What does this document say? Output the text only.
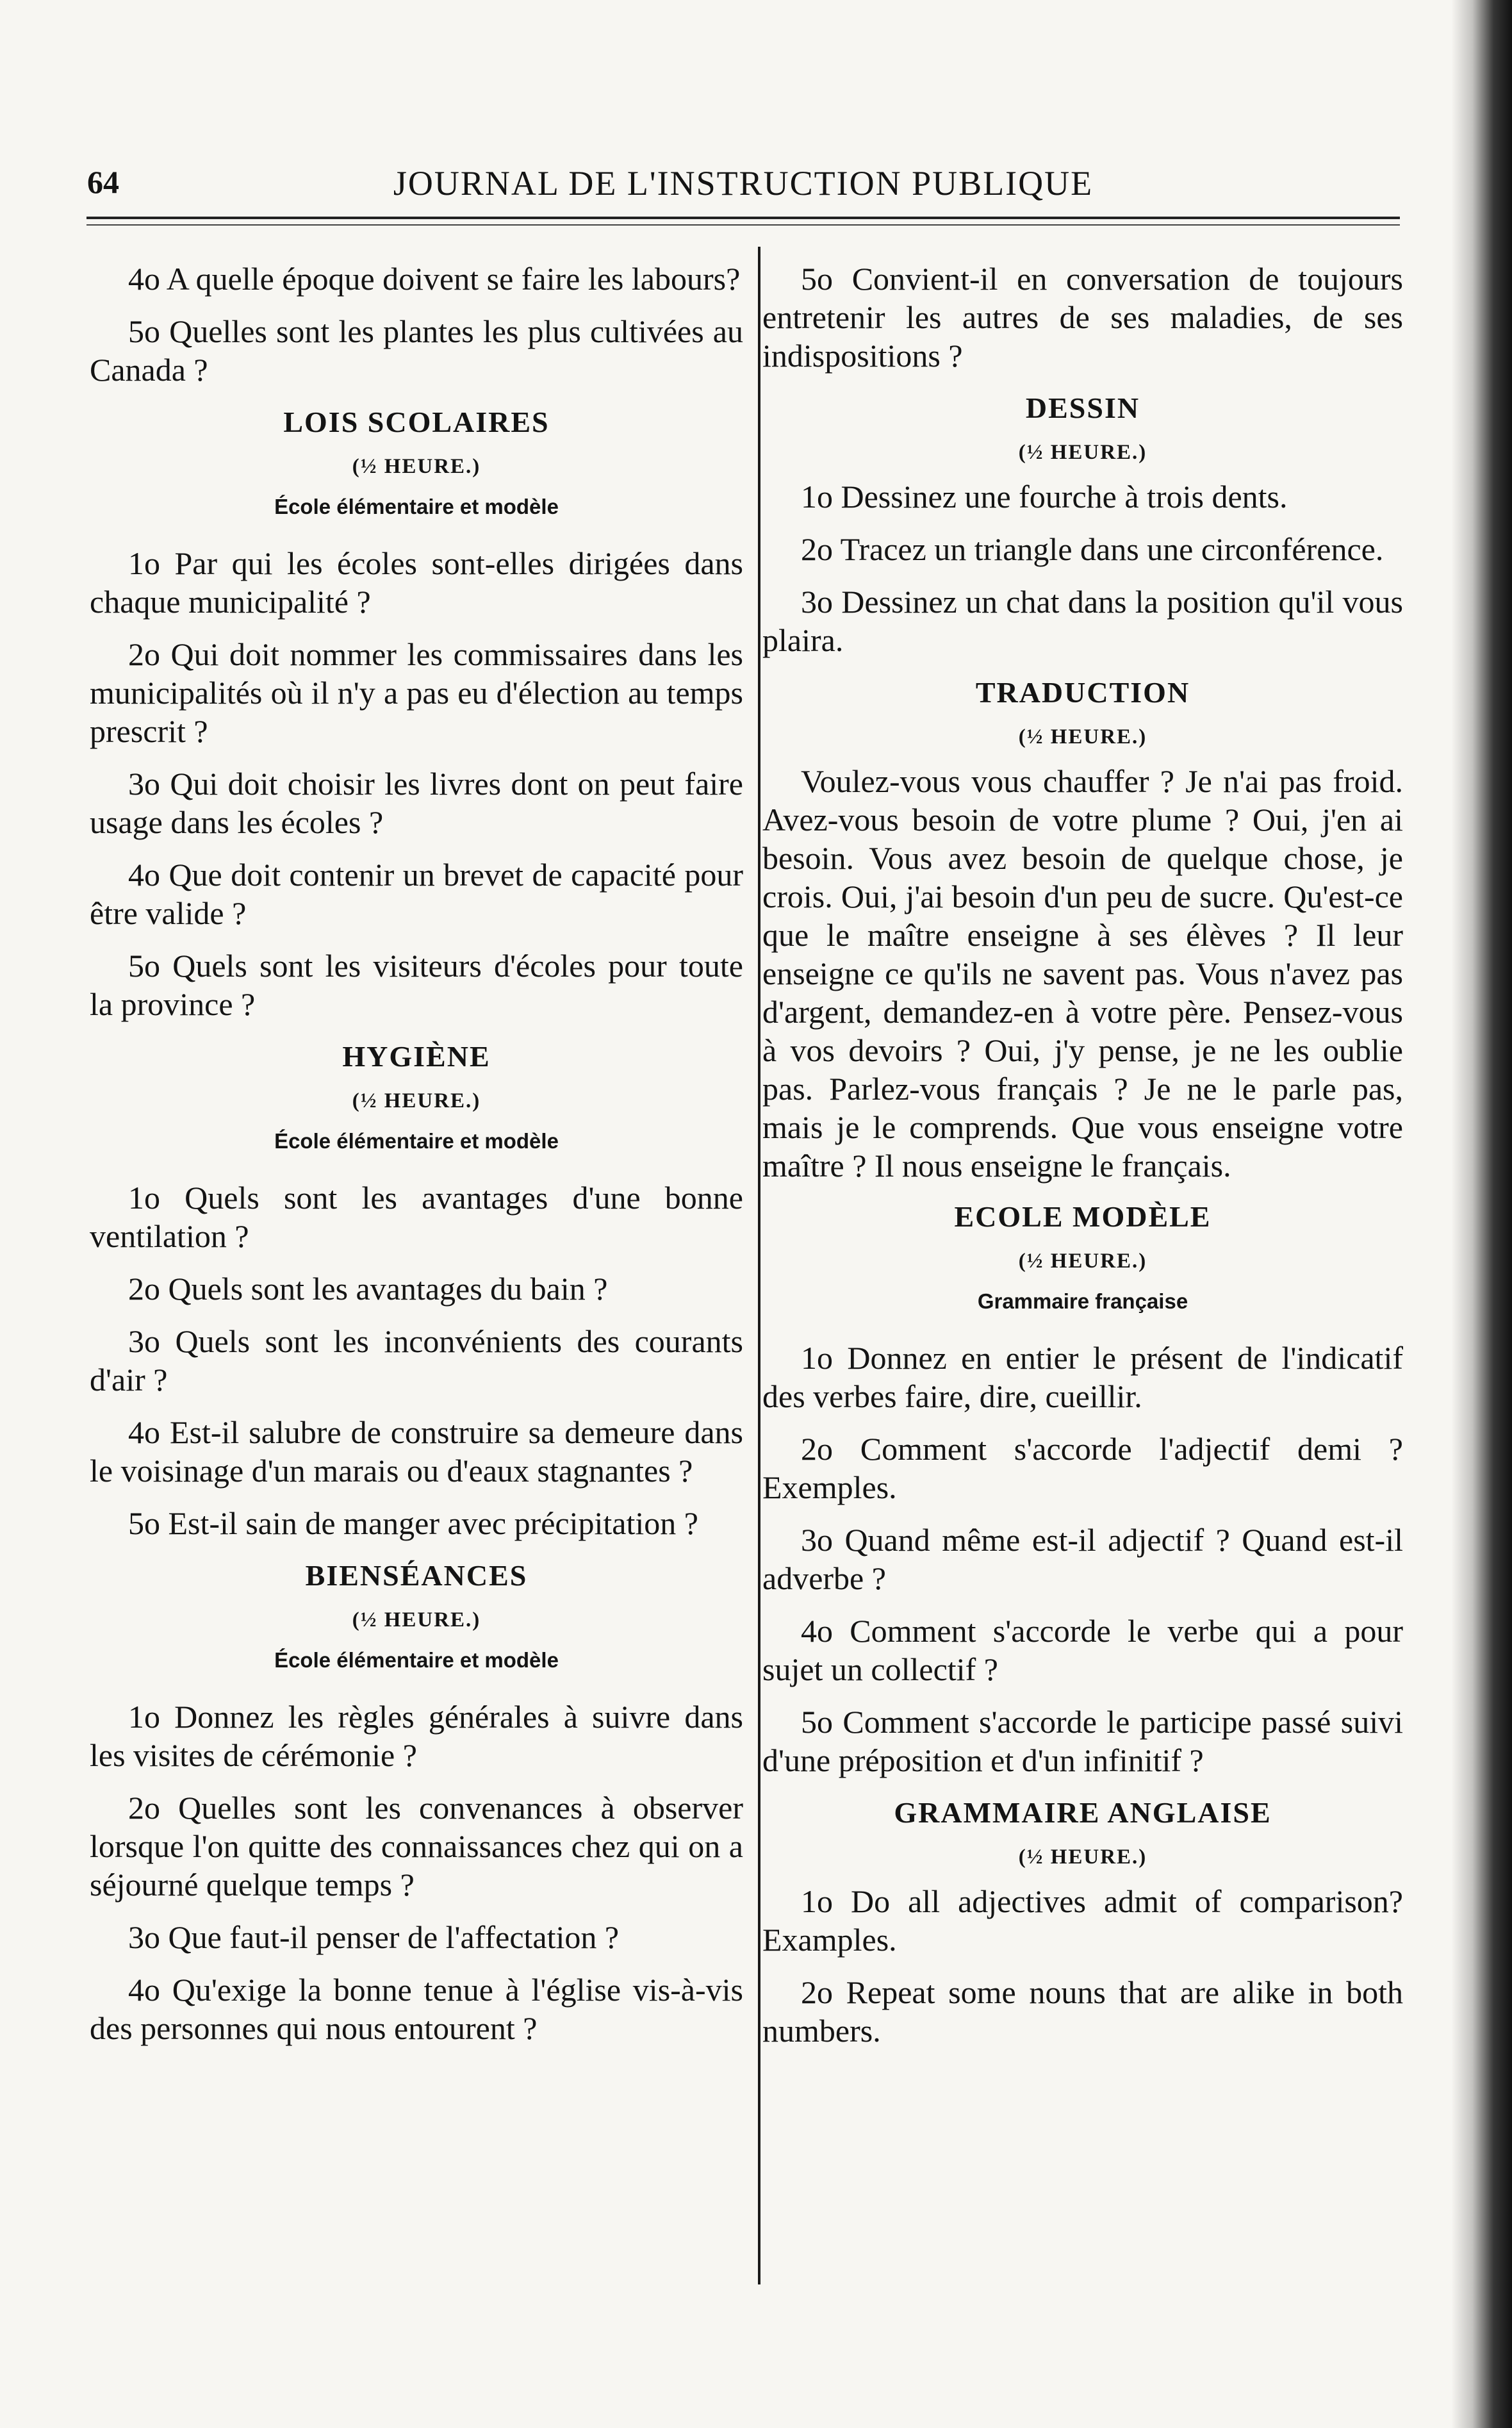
64	JOURNAL DE L'INSTRUCTION PUBLIQUE

4o A quelle époque doivent se faire les labours?

5o Quelles sont les plantes les plus cultivées au Canada ?

LOIS SCOLAIRES
(½ HEURE.)
École élémentaire et modèle

1o Par qui les écoles sont-elles dirigées dans chaque municipalité ?

2o Qui doit nommer les commissaires dans les municipalités où il n'y a pas eu d'élection au temps prescrit ?

3o Qui doit choisir les livres dont on peut faire usage dans les écoles ?

4o Que doit contenir un brevet de capacité pour être valide ?

5o Quels sont les visiteurs d'écoles pour toute la province ?

HYGIÈNE
(½ HEURE.)
École élémentaire et modèle

1o Quels sont les avantages d'une bonne ventilation ?

2o Quels sont les avantages du bain ?

3o Quels sont les inconvénients des courants d'air ?

4o Est-il salubre de construire sa demeure dans le voisinage d'un marais ou d'eaux stagnantes ?

5o Est-il sain de manger avec précipitation ?

BIENSÉANCES
(½ HEURE.)
École élémentaire et modèle

1o Donnez les règles générales à suivre dans les visites de cérémonie ?

2o Quelles sont les convenances à observer lorsque l'on quitte des connaissances chez qui on a séjourné quelque temps ?

3o Que faut-il penser de l'affectation ?

4o Qu'exige la bonne tenue à l'église vis-à-vis des personnes qui nous entourent ?

5o Convient-il en conversation de toujours entretenir les autres de ses maladies, de ses indispositions ?

DESSIN
(½ HEURE.)

1o Dessinez une fourche à trois dents.

2o Tracez un triangle dans une circonférence.

3o Dessinez un chat dans la position qu'il vous plaira.

TRADUCTION
(½ HEURE.)

Voulez-vous vous chauffer ? Je n'ai pas froid. Avez-vous besoin de votre plume ? Oui, j'en ai besoin. Vous avez besoin de quelque chose, je crois. Oui, j'ai besoin d'un peu de sucre. Qu'est-ce que le maître enseigne à ses élèves ? Il leur enseigne ce qu'ils ne savent pas. Vous n'avez pas d'argent, demandez-en à votre père. Pensez-vous à vos devoirs ? Oui, j'y pense, je ne les oublie pas. Parlez-vous français ? Je ne le parle pas, mais je le comprends. Que vous enseigne votre maître ? Il nous enseigne le français.

ECOLE MODÈLE
(½ HEURE.)
Grammaire française

1o Donnez en entier le présent de l'indicatif des verbes faire, dire, cueillir.

2o Comment s'accorde l'adjectif demi ? Exemples.

3o Quand même est-il adjectif ? Quand est-il adverbe ?

4o Comment s'accorde le verbe qui a pour sujet un collectif ?

5o Comment s'accorde le participe passé suivi d'une préposition et d'un infinitif ?

GRAMMAIRE ANGLAISE
(½ HEURE.)

1o Do all adjectives admit of comparison? Examples.

2o Repeat some nouns that are alike in both numbers.
